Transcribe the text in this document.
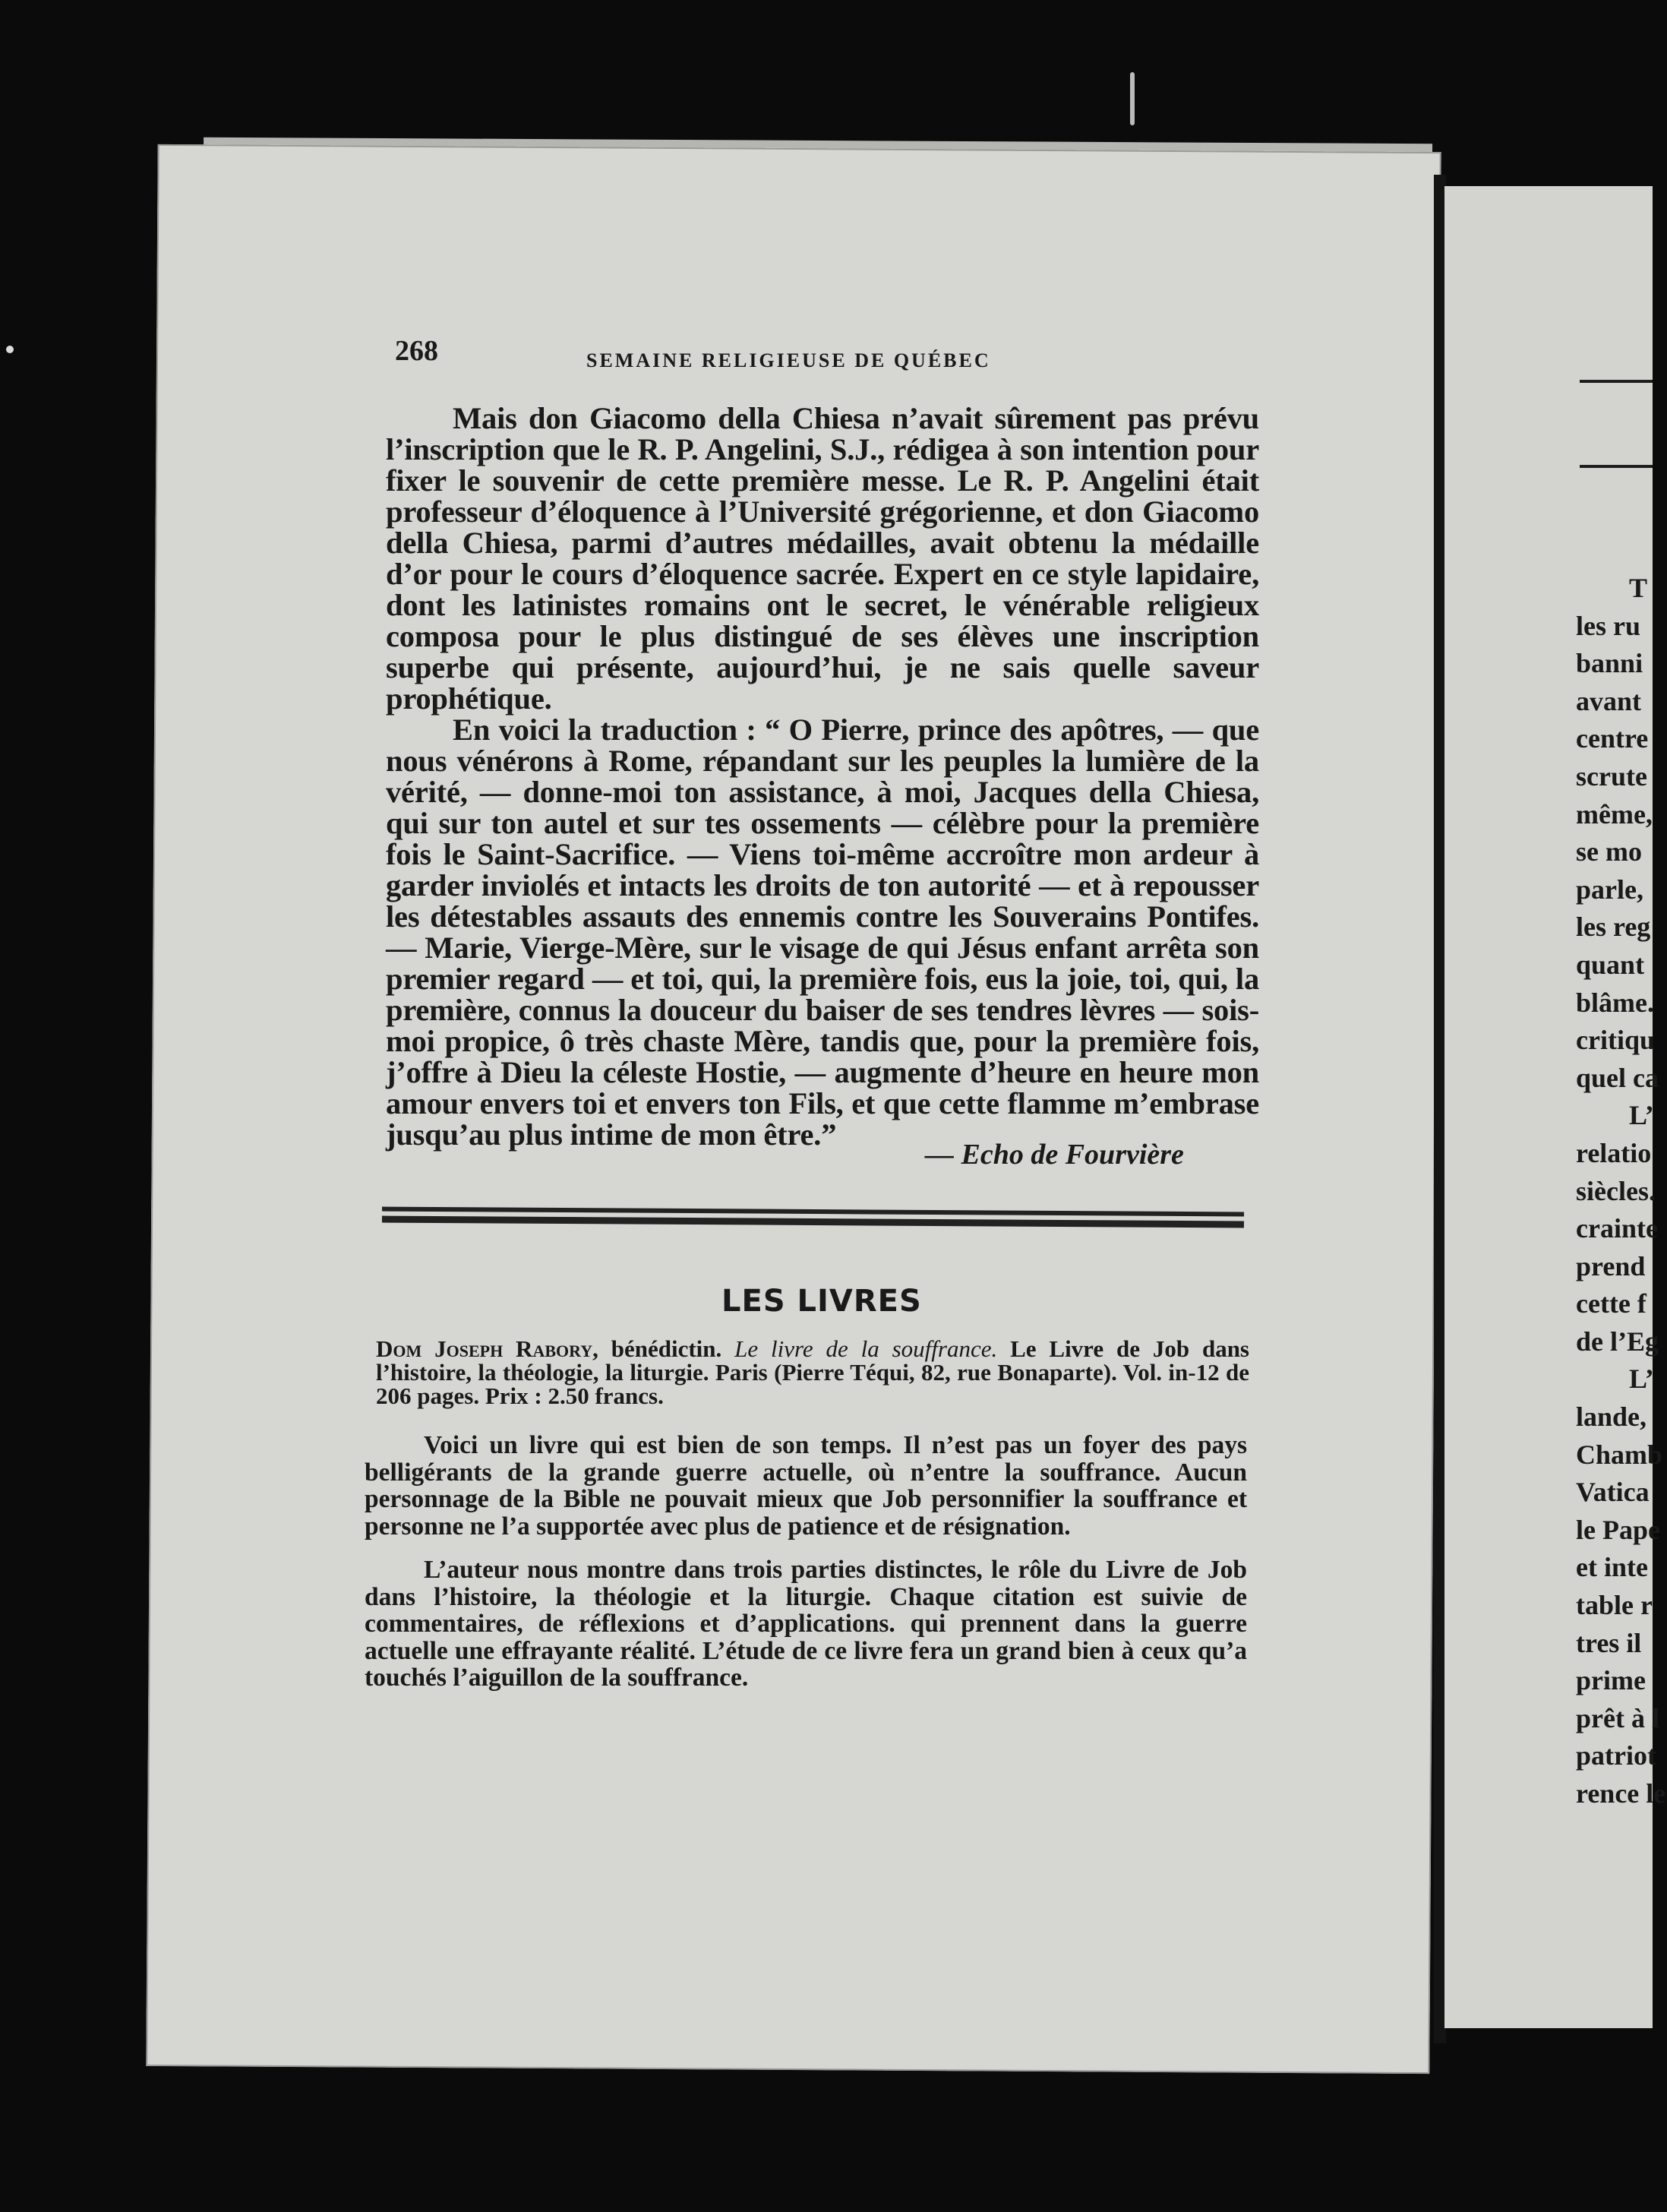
268	SEMAINE RELIGIEUSE DE QUÉBEC

Mais don Giacomo della Chiesa n’avait sûrement pas prévu l’inscription que le R. P. Angelini, S.J., rédigea à son intention pour fixer le souvenir de cette première messe. Le R. P. Angelini était professeur d’éloquence à l’Université grégorienne, et don Giacomo della Chiesa, parmi d’autres médailles, avait obtenu la médaille d’or pour le cours d’éloquence sacrée. Expert en ce style lapidaire, dont les latinistes romains ont le secret, le vénérable religieux composa pour le plus distingué de ses élèves une inscription superbe qui présente, aujourd’hui, je ne sais quelle saveur prophétique.

En voici la traduction : “ O Pierre, prince des apôtres, — que nous vénérons à Rome, répandant sur les peuples la lumière de la vérité, — donne-moi ton assistance, à moi, Jacques della Chiesa, qui sur ton autel et sur tes ossements — célèbre pour la première fois le Saint-Sacrifice. — Viens toi-même accroître mon ardeur à garder inviolés et intacts les droits de ton autorité — et à repousser les détestables assauts des ennemis contre les Souverains Pontifes. — Marie, Vierge-Mère, sur le visage de qui Jésus enfant arrêta son premier regard — et toi, qui, la première fois, eus la joie, toi, qui, la première, connus la douceur du baiser de ses tendres lèvres — sois-moi propice, ô très chaste Mère, tandis que, pour la première fois, j’offre à Dieu la céleste Hostie, — augmente d’heure en heure mon amour envers toi et envers ton Fils, et que cette flamme m’embrase jusqu’au plus intime de mon être.”

— Echo de Fourvière
LES LIVRES
Dom Joseph Rabory, bénédictin. Le livre de la souffrance. Le Livre de Job dans l’histoire, la théologie, la liturgie. Paris (Pierre Téqui, 82, rue Bonaparte). Vol. in-12 de 206 pages. Prix : 2.50 francs.

Voici un livre qui est bien de son temps. Il n’est pas un foyer des pays belligérants de la grande guerre actuelle, où n’entre la souffrance. Aucun personnage de la Bible ne pouvait mieux que Job personnifier la souffrance et personne ne l’a supportée avec plus de patience et de résignation.

L’auteur nous montre dans trois parties distinctes, le rôle du Livre de Job dans l’histoire, la théologie et la liturgie. Chaque citation est suivie de commentaires, de réflexions et d’applications. qui prennent dans la guerre actuelle une effrayante réalité. L’étude de ce livre fera un grand bien à ceux qu’a touchés l’aiguillon de la souffrance.

T
les ru
banni
avant
centre
scrute
même,
se mo
parle,
les reg
quant
blâme.
critiqu
quel ca
L’
relatio
siècles.
crainte
prend
cette f
de l’Eg
L’
lande,
Chamb
Vatica
le Pape
et inte
table r
tres il
prime
prêt à l
patriot
rence le
